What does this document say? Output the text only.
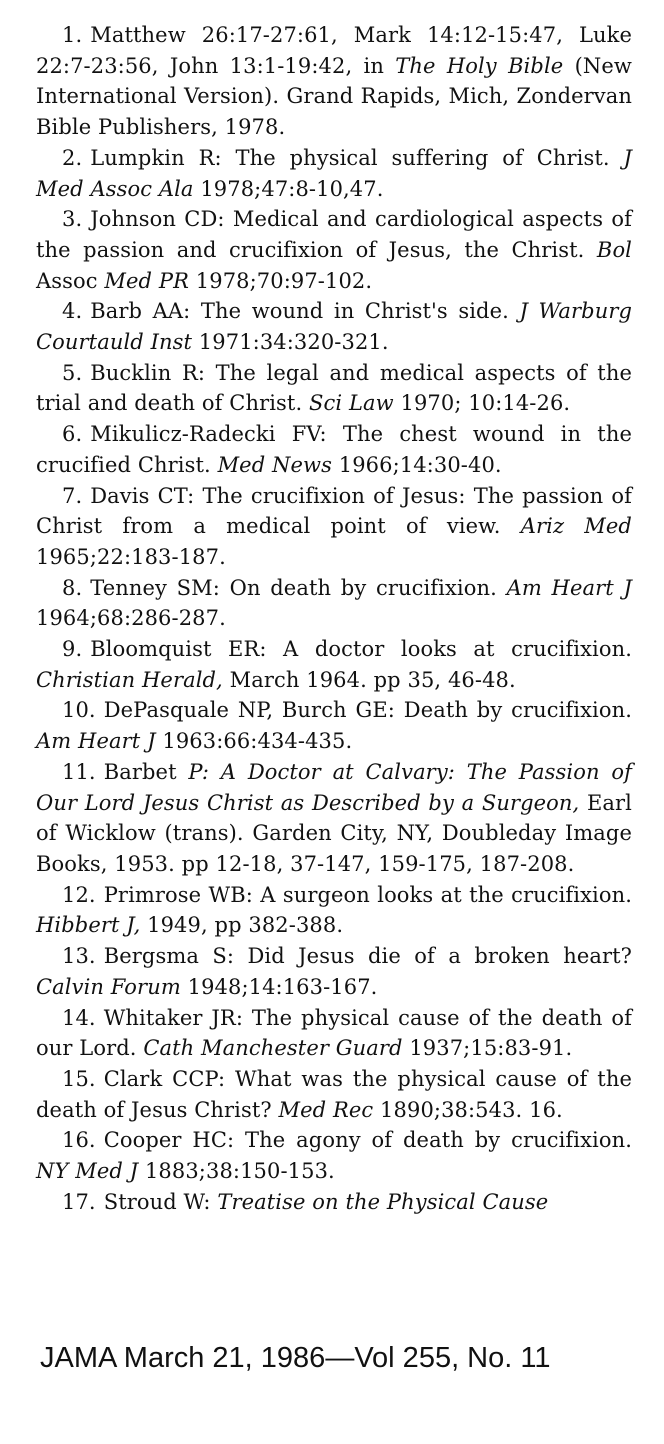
1. Matthew 26:17-27:61, Mark 14:12-15:47, Luke 22:7-23:56, John 13:1-19:42, in The Holy Bible (New International Version). Grand Rapids, Mich, Zondervan Bible Publishers, 1978.

2. Lumpkin R: The physical suffering of Christ. J Med Assoc Ala 1978;47:8-10,47.

3. Johnson CD: Medical and cardiological aspects of the passion and crucifixion of Jesus, the Christ. Bol Assoc Med PR 1978;70:97-102.

4. Barb AA: The wound in Christ's side. J Warburg Courtauld Inst 1971:34:320-321.

5. Bucklin R: The legal and medical aspects of the trial and death of Christ. Sci Law 1970; 10:14-26.

6. Mikulicz-Radecki FV: The chest wound in the crucified Christ. Med News 1966;14:30-40.

7. Davis CT: The crucifixion of Jesus: The passion of Christ from a medical point of view. Ariz Med 1965;22:183-187.

8. Tenney SM: On death by crucifixion. Am Heart J 1964;68:286-287.

9. Bloomquist ER: A doctor looks at crucifixion. Christian Herald, March 1964. pp 35, 46-48.

10. DePasquale NP, Burch GE: Death by crucifixion. Am Heart J 1963:66:434-435.

11. Barbet P: A Doctor at Calvary: The Passion of Our Lord Jesus Christ as Described by a Surgeon, Earl of Wicklow (trans). Garden City, NY, Doubleday Image Books, 1953. pp 12-18, 37-147, 159-175, 187-208.

12. Primrose WB: A surgeon looks at the crucifixion. Hibbert J, 1949, pp 382-388.

13. Bergsma S: Did Jesus die of a broken heart? Calvin Forum 1948;14:163-167.

14. Whitaker JR: The physical cause of the death of our Lord. Cath Manchester Guard 1937;15:83-91.

15. Clark CCP: What was the physical cause of the death of Jesus Christ? Med Rec 1890;38:543. 16.

16. Cooper HC: The agony of death by crucifixion. NY Med J 1883;38:150-153.

17. Stroud W: Treatise on the Physical Cause

JAMA March 21, 1986—Vol 255, No. 11
